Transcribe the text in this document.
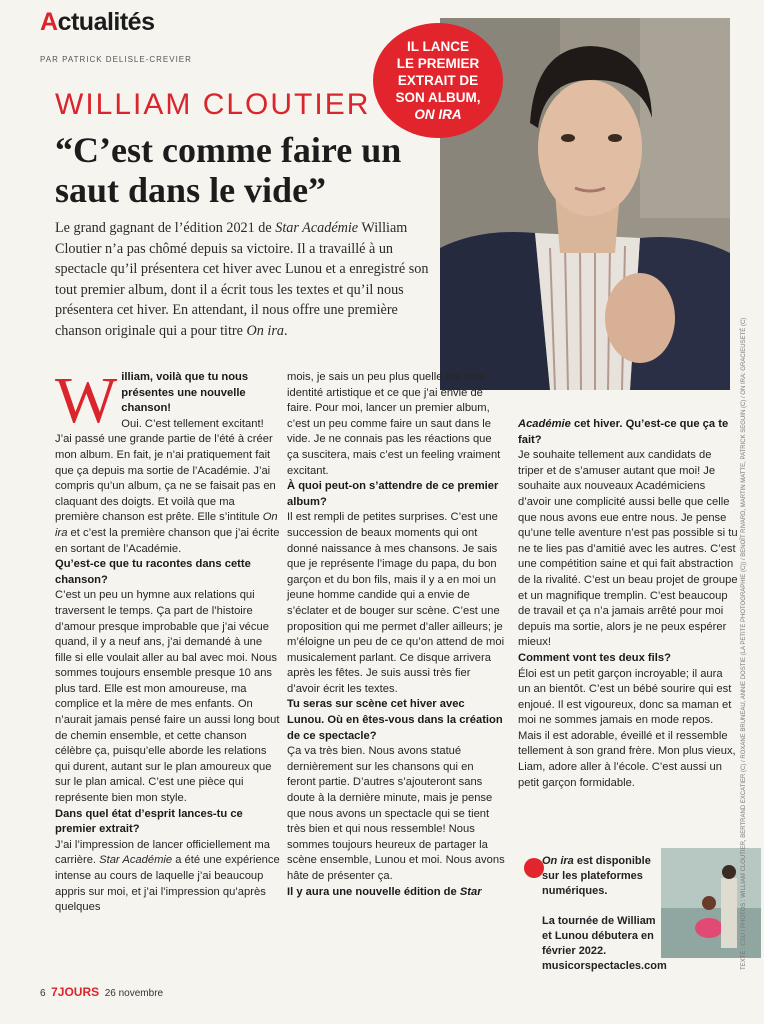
Actualités
PAR PATRICK DELISLE-CREVIER
IL LANCE
LE PREMIER
EXTRAIT DE
SON ALBUM,
ON IRA
WILLIAM CLOUTIER
“C’est comme faire un saut dans le vide”
Le grand gagnant de l’édition 2021 de Star Académie William Cloutier n’a pas chômé depuis sa victoire. Il a travaillé à un spectacle qu’il présentera cet hiver avec Lunou et a enregistré son tout premier album, dont il a écrit tous les textes et qu’il nous présentera cet hiver. En attendant, il nous offre une première chanson originale qui a pour titre On ira.
W illiam, voilà que tu nous présentes une nouvelle chanson!

Oui. C’est tellement excitant! J’ai passé une grande partie de l’été à créer mon album. En fait, je n’ai pratiquement fait que ça depuis ma sortie de l’Académie. J’ai compris qu’un album, ça ne se faisait pas en claquant des doigts. Et voilà que ma première chanson est prête. Elle s’intitule On ira et c’est la première chanson que j’ai écrite en sortant de l’Académie.

Qu’est-ce que tu racontes dans cette chanson?

C’est un peu un hymne aux relations qui traversent le temps. Ça part de l’histoire d’amour presque improbable que j’ai vécue quand, il y a neuf ans, j’ai demandé à une fille si elle voulait aller au bal avec moi. Nous sommes toujours ensemble presque 10 ans plus tard. Elle est mon amoureuse, ma complice et la mère de mes enfants. On n’aurait jamais pensé faire un aussi long bout de chemin ensemble, et cette chanson célèbre ça, puisqu’elle aborde les relations qui durent, autant sur le plan amoureux que sur le plan amical. C’est une pièce qui représente bien mon style.

Dans quel état d’esprit lances-tu ce premier extrait?

J’ai l’impression de lancer officiellement ma carrière. Star Académie a été une expérience intense au cours de laquelle j’ai beaucoup appris sur moi, et j’ai l’impression qu’après quelques

mois, je sais un peu plus quelle est mon identité artistique et ce que j’ai envie de faire. Pour moi, lancer un premier album, c’est un peu comme faire un saut dans le vide. Je ne connais pas les réactions que ça suscitera, mais c’est un feeling vraiment excitant.

À quoi peut-on s’attendre de ce premier album?

Il est rempli de petites surprises. C’est une succession de beaux moments qui ont donné naissance à mes chansons. Je sais que je représente l’image du papa, du bon garçon et du bon fils, mais il y a en moi un jeune homme candide qui a envie de s’éclater et de bouger sur scène. C’est une proposition qui me permet d’aller ailleurs; je m’éloigne un peu de ce qu’on attend de moi musicalement parlant. Ce disque arrivera après les fêtes. Je suis aussi très fier d’avoir écrit les textes.

Tu seras sur scène cet hiver avec Lunou. Où en êtes-vous dans la création de ce spectacle?

Ça va très bien. Nous avons statué dernièrement sur les chansons qui en feront partie. D’autres s’ajouteront sans doute à la dernière minute, mais je pense que nous avons un spectacle qui se tient très bien et qui nous ressemble! Nous sommes toujours heureux de partager la scène ensemble, Lunou et moi. Nous avons hâte de présenter ça.

Il y aura une nouvelle édition de Star

Académie cet hiver. Qu’est-ce que ça te fait?

Je souhaite tellement aux candidats de triper et de s’amuser autant que moi! Je souhaite aux nouveaux Académiciens d’avoir une complicité aussi belle que celle que nous avons eue entre nous. Je pense qu’une telle aventure n’est pas possible si tu ne te lies pas d’amitié avec les autres. C’est une compétition saine et qui fait abstraction de la rivalité. C’est un beau projet de groupe et un magnifique tremplin. C’est beaucoup de travail et ça n’a jamais arrêté pour moi depuis ma sortie, alors je ne peux espérer mieux!

Comment vont tes deux fils?

Éloi est un petit garçon incroyable; il aura un an bientôt. C’est un bébé sourire qui est enjoué. Il est vigoureux, donc sa maman et moi ne sommes jamais en mode repos. Mais il est adorable, éveillé et il ressemble tellement à son grand frère. Mon plus vieux, Liam, adore aller à l’école. C’est aussi un petit garçon formidable.

On ira est disponible sur les plateformes numériques.

La tournée de William et Lunou débutera en février 2022. musicorspectacles.com
6 7JOURS 26 novembre
TEXTE : CSU / PHOTOS : WILLIAM CLOUTIER, BERTRAND EXCATIER (C) / ROXANE BRUNEAU, ANNIE DOSTIE (LA PETITE PHOTOGRAPHIE (C)) / BENOÎT RIVARD, MARTIN MATTE, PATRICK SEGUIN (C) / ON IRA: GRACIEUSETÉ (C)
